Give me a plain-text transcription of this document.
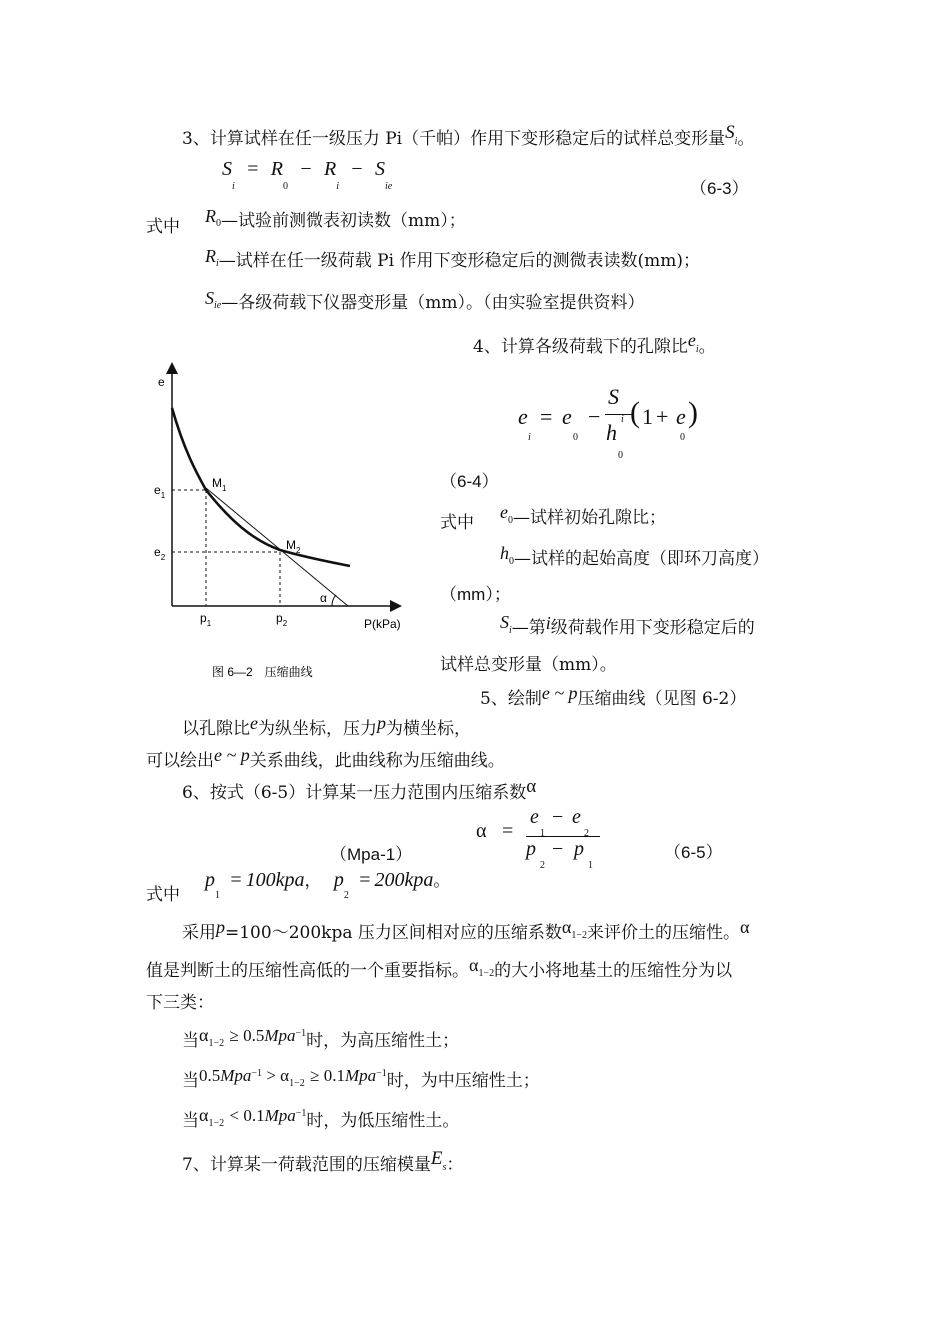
3、计算试样在任一级压力 Pi（千帕）作用下变形稳定后的试样总变形量Si。
$S_i = R_0 - R_i - S_{ie}$	（6-3）
式中
R0—试验前测微表初读数（mm）；
Ri—试样在任一级荷载 Pi 作用下变形稳定后的测微表读数(mm)；
Sie—各级荷载下仪器变形量（mm）。（由实验室提供资料）
4、计算各级荷载下的孔隙比ei。
e
i
= e
0
−
S
i
h
0
( 1 + e
0
)
（6-4）
式中
e0—试样初始孔隙比；
h0—试样的起始高度（即环刀高度）
（mm）；
Si—第i级荷载作用下变形稳定后的
试样总变形量（mm）。
e
$M_1$
$M_2$
$e_1$
$e_2$
$p_1$	$p_2$
α
P(kPa)
图 6—2　压缩曲线
5、绘制e ~ p压缩曲线（见图 6-2）
以孔隙比e为纵坐标，压力p为横坐标，
可以绘出e ~ p关系曲线，此曲线称为压缩曲线。
6、按式（6-5）计算某一压力范围内压缩系数α
（Mpa-1）
α =
e
1
− e
2
p
2
− p
1
（6-5）
式中
$p_1 = 100kpa$， $p_2 = 200kpa$。
采用p=100～200kpa 压力区间相对应的压缩系数α1−2来评价土的压缩性。α
值是判断土的压缩性高低的一个重要指标。α1−2的大小将地基土的压缩性分为以
下三类：
当α1−2 ≥ 0.5Mpa$^{-1}$时，为高压缩性土；
当0.5Mpa$^{-1}$ > α1−2 ≥ 0.1Mpa$^{-1}$时，为中压缩性土；
当α1−2 < 0.1Mpa$^{-1}$时，为低压缩性土。
7、计算某一荷载范围的压缩模量Es：
